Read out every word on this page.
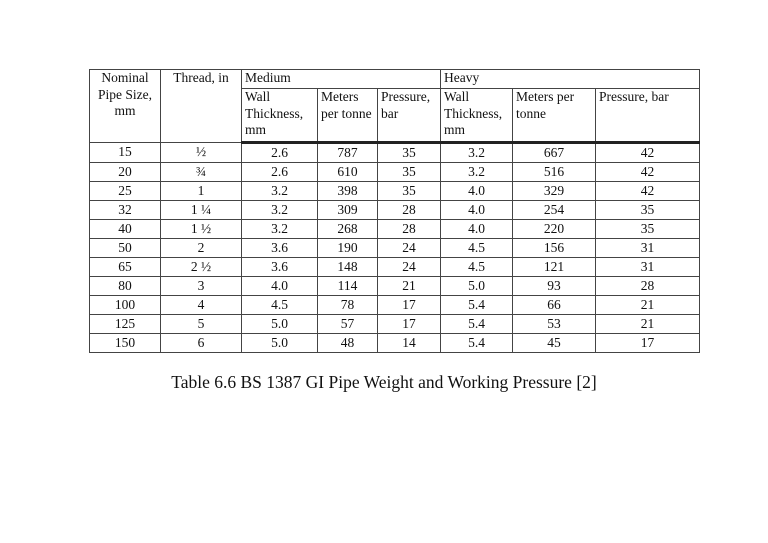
Nominal Pipe Size, mm	Thread, in	Medium			Heavy		
		Wall Thickness, mm	Meters per tonne	Pressure, bar	Wall Thickness, mm	Meters per tonne	Pressure, bar
15	½	2.6	787	35	3.2	667	42
20	¾	2.6	610	35	3.2	516	42
25	1	3.2	398	35	4.0	329	42
32	1 ¼	3.2	309	28	4.0	254	35
40	1 ½	3.2	268	28	4.0	220	35
50	2	3.6	190	24	4.5	156	31
65	2 ½	3.6	148	24	4.5	121	31
80	3	4.0	114	21	5.0	93	28
100	4	4.5	78	17	5.4	66	21
125	5	5.0	57	17	5.4	53	21
150	6	5.0	48	14	5.4	45	17
Table 6.6 BS 1387 GI Pipe Weight and Working Pressure [2]
